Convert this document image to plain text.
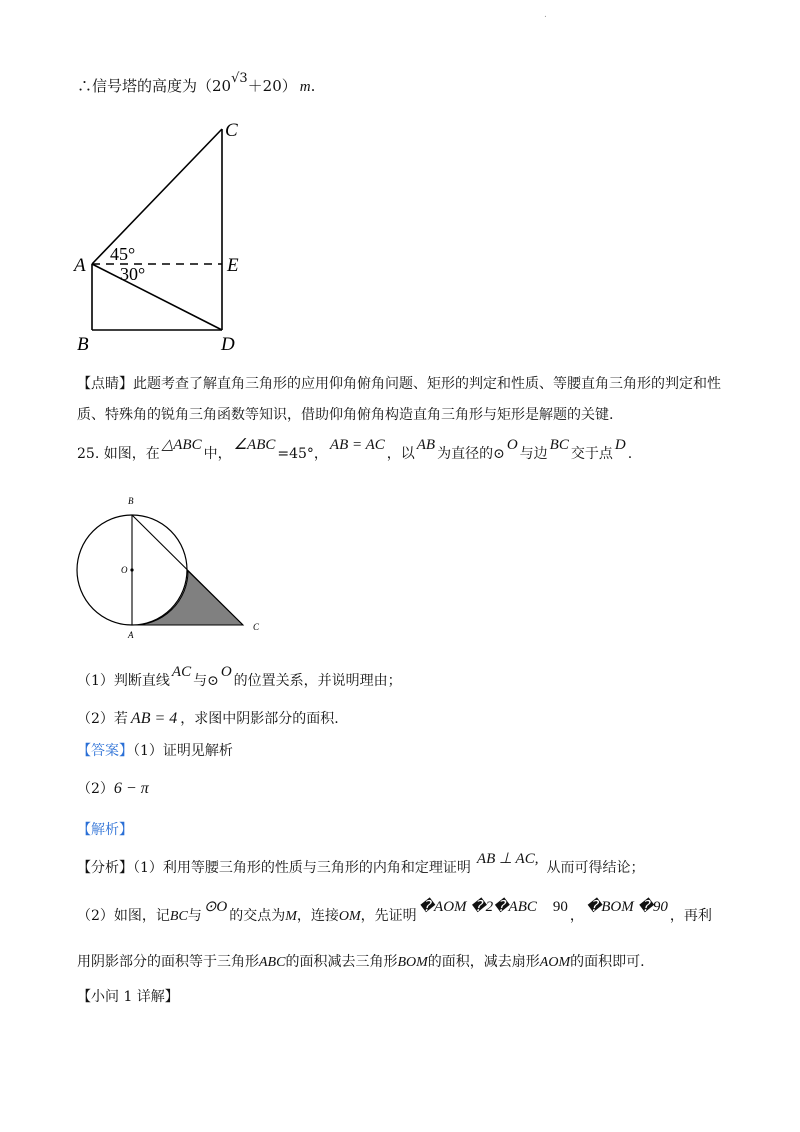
.
∴信号塔的高度为（20√3＋20） m.
C
A	E
B	D
45°
30°
【点睛】此题考查了解直角三角形的应用仰角俯角问题、矩形的判定和性质、等腰直角三角形的判定和性
质、特殊角的锐角三角函数等知识，借助仰角俯角构造直角三角形与矩形是解题的关键.
25. 如图，在△ABC中，∠ABC=45°，AB = AC，以AB为直径的⊙O与边BC交于点D.
B
O
A
C
（1）判断直线AC与⊙O的位置关系，并说明理由；
（2）若 AB = 4 ，求图中阴影部分的面积.
【答案】（1）证明见解析
（2）6 − π
【解析】
【分析】（1）利用等腰三角形的性质与三角形的内角和定理证明AB ⊥ AC,从而可得结论；
（2）如图，记BC与⊙O的交点为M，连接OM，先证明�AOM �2�ABC 90，�BOM �90，再利
用阴影部分的面积等于三角形ABC的面积减去三角形BOM的面积，减去扇形AOM的面积即可.
【小问 1 详解】
